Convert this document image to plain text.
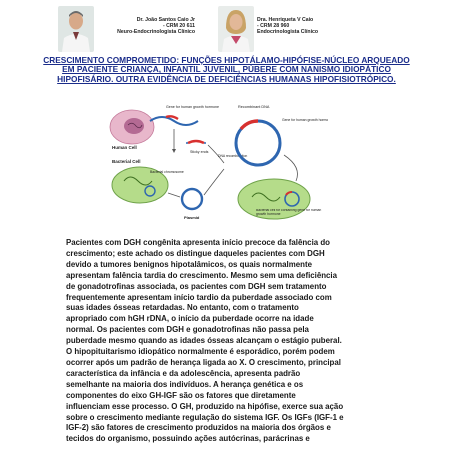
Dr. João Santos Caio Jr
- CRM 20 611
Neuro-Endocrinologista Clínico
Dra. Henriqueta V Caio
- CRM 28 960
Endocrinologista Clínico
CRESCIMENTO COMPROMETIDO: FUNÇÕES HIPOTÁLAMO-HIPÓFISE-NÚCLEO ARQUEADO EM PACIENTE CRIANÇA, INFANTIL JUVENIL, PÚBERE COM NANISMO IDIOPÁTICO HIPOFISÁRIO. OUTRA EVIDÊNCIA DE DEFICIÊNCIAS HUMANAS HIPOFISIOTRÓPICO.
Human Cell
Gene for human growth hormone
Sticky ends
Bacterial Cell
Bacterial chromosome
Plasmid
DNA recombination
Recombinant DNA
Gene for human growth hormone
Bacterial cell for containing gene for human growth hormone
Pacientes com DGH congênita apresenta início precoce da falência do
crescimento; este achado os distingue daqueles pacientes com DGH
devido a tumores benignos hipotalâmicos, os quais normalmente
apresentam falência tardia do crescimento. Mesmo sem uma deficiência
de gonadotrofinas associada, os pacientes com DGH sem tratamento
frequentemente apresentam início tardio da puberdade associado com
suas idades ósseas retardadas. No entanto, com o tratamento
apropriado com hGH rDNA, o início da puberdade ocorre na idade
normal. Os pacientes com DGH e gonadotrofinas não passa pela
puberdade mesmo quando as idades ósseas alcançam o estágio puberal.
O hipopituitarismo idiopático normalmente é esporádico, porém podem
ocorrer após um padrão de herança ligada ao X. O crescimento, principal
característica da infância e da adolescência, apresenta padrão
semelhante na maioria dos indivíduos. A herança genética e os
componentes do eixo GH-IGF são os fatores que diretamente
influenciam esse processo. O GH, produzido na hipófise, exerce sua ação
sobre o crescimento mediante regulação do sistema IGF. Os IGFs (IGF-1 e
IGF-2) são fatores de crescimento produzidos na maioria dos órgãos e
tecidos do organismo, possuindo ações autócrinas, parácrinas e
